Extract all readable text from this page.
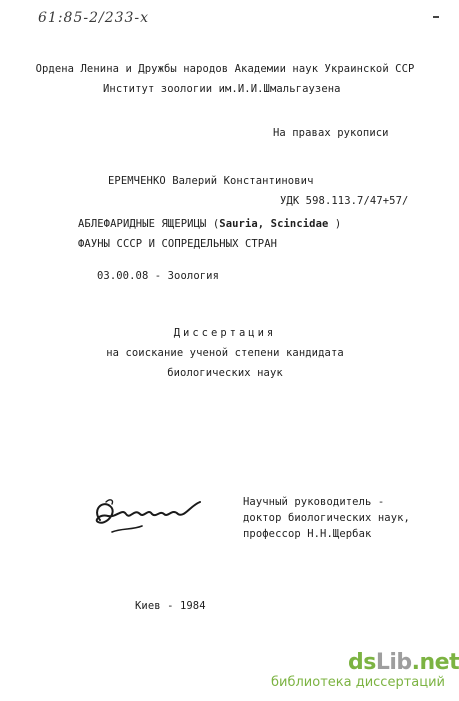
61:85-2/233-x
Ордена Ленина и Дружбы народов Академии наук Украинской ССР
Институт зоологии им.И.И.Шмальгаузена
На правах рукописи
ЕРЕМЧЕНКО Валерий Константинович
УДК 598.113.7/47+57/
АБЛЕФАРИДНЫЕ ЯЩЕРИЦЫ (Sauria, Scincidae )
ФАУНЫ СССР И СОПРЕДЕЛЬНЫХ СТРАН
03.00.08 - Зоология
Диссертация
на соискание ученой степени кандидата
биологических наук
Научный руководитель -
доктор биологических наук,
профессор Н.Н.Щербак
Киев - 1984
dsLib.net
библиотека диссертаций
